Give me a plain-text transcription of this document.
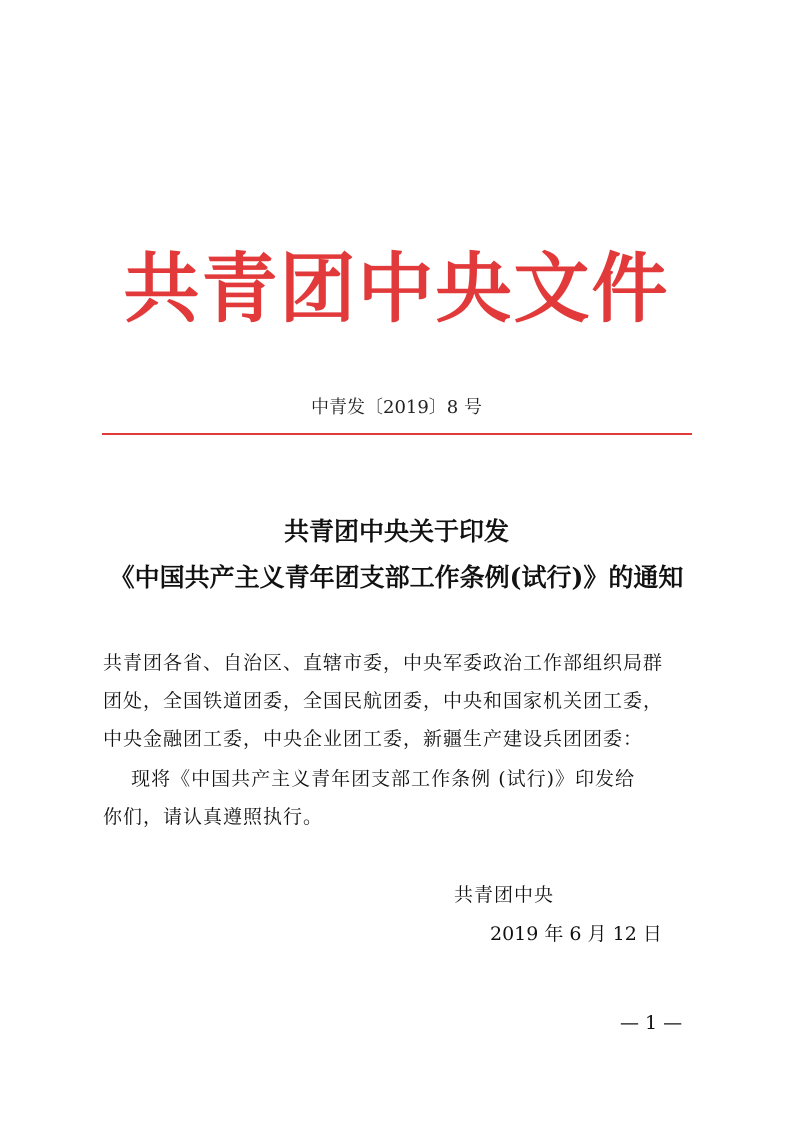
共青团中央文件
中青发〔2019〕8 号
共青团中央关于印发
《中国共产主义青年团支部工作条例(试行)》的通知
共青团各省、自治区、直辖市委，中央军委政治工作部组织局群
团处，全国铁道团委，全国民航团委，中央和国家机关团工委，
中央金融团工委，中央企业团工委，新疆生产建设兵团团委：
现将《中国共产主义青年团支部工作条例 (试行)》印发给
你们，请认真遵照执行。
共青团中央
2019 年 6 月 12 日
— 1 —
